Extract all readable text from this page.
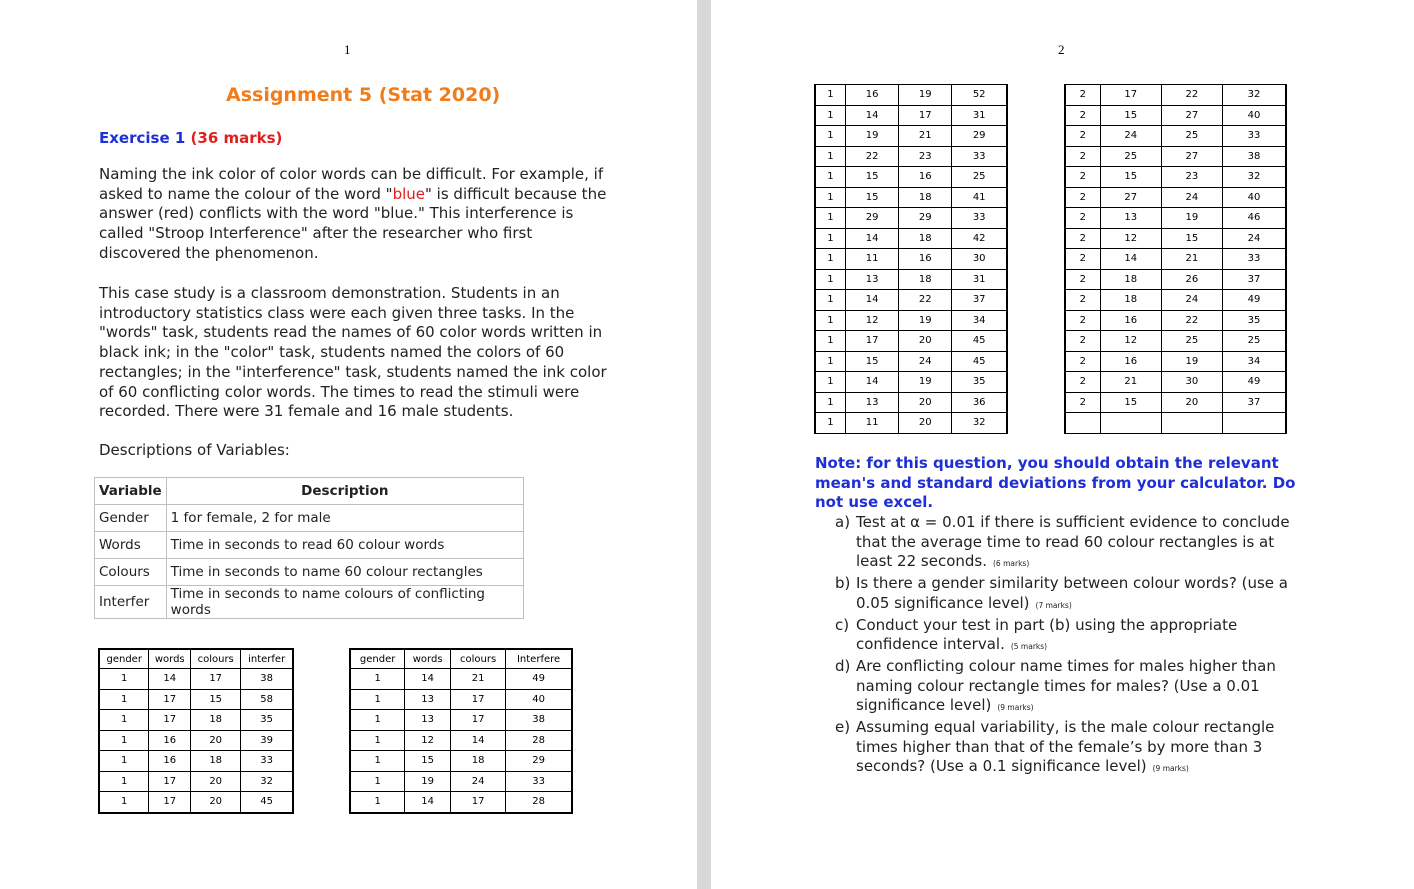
1
Assignment 5 (Stat 2020)
Exercise 1 (36 marks)
Naming the ink color of color words can be difficult. For example, if asked to name the colour of the word "blue" is difficult because the answer (red) conflicts with the word "blue." This interference is called "Stroop Interference" after the researcher who first discovered the phenomenon.
This case study is a classroom demonstration. Students in an introductory statistics class were each given three tasks. In the "words" task, students read the names of 60 color words written in black ink; in the "color" task, students named the colors of 60 rectangles; in the "interference" task, students named the ink color of 60 conflicting color words. The times to read the stimuli were recorded. There were 31 female and 16 male students.
Descriptions of Variables:
Variable	Description
Gender	1 for female, 2 for male
Words	Time in seconds to read 60 colour words
Colours	Time in seconds to name 60 colour rectangles
Interfer	Time in seconds to name colours of conflicting words
gender	words	colours	interfer
1	14	17	38
1	17	15	58
1	17	18	35
1	16	20	39
1	16	18	33
1	17	20	32
1	17	20	45
gender	words	colours	Interfere
1	14	21	49
1	13	17	40
1	13	17	38
1	12	14	28
1	15	18	29
1	19	24	33
1	14	17	28
2
1	16	19	52
1	14	17	31
1	19	21	29
1	22	23	33
1	15	16	25
1	15	18	41
1	29	29	33
1	14	18	42
1	11	16	30
1	13	18	31
1	14	22	37
1	12	19	34
1	17	20	45
1	15	24	45
1	14	19	35
1	13	20	36
1	11	20	32
2	17	22	32
2	15	27	40
2	24	25	33
2	25	27	38
2	15	23	32
2	27	24	40
2	13	19	46
2	12	15	24
2	14	21	33
2	18	26	37
2	18	24	49
2	16	22	35
2	12	25	25
2	16	19	34
2	21	30	49
2	15	20	37

Note: for this question, you should obtain the relevant mean's and standard deviations from your calculator. Do not use excel.
a) Test at α = 0.01 if there is sufficient evidence to conclude that the average time to read 60 colour rectangles is at least 22 seconds. (6 marks)
b) Is there a gender similarity between colour words? (use a 0.05 significance level) (7 marks)
c) Conduct your test in part (b) using the appropriate confidence interval. (5 marks)
d) Are conflicting colour name times for males higher than naming colour rectangle times for males? (Use a 0.01 significance level) (9 marks)
e) Assuming equal variability, is the male colour rectangle times higher than that of the female’s by more than 3 seconds? (Use a 0.1 significance level) (9 marks)
